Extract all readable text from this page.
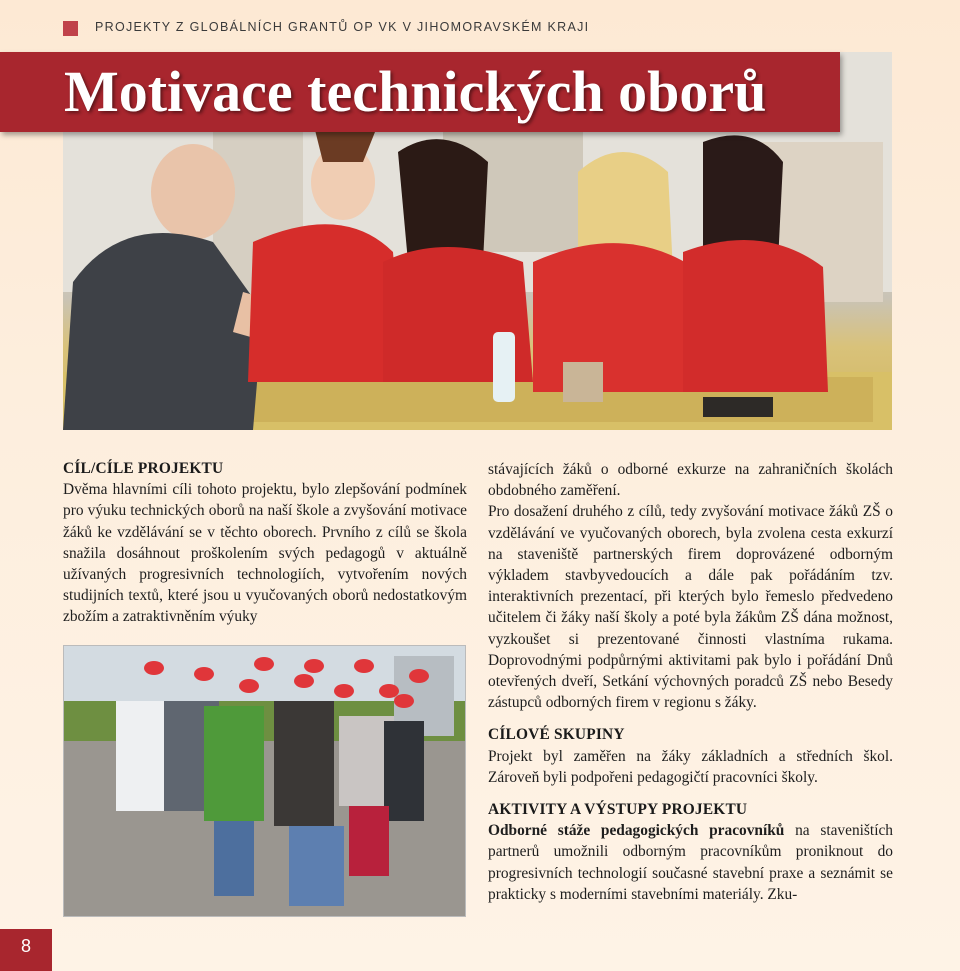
PROJEKTY Z GLOBÁLNÍCH GRANTŮ OP VK V JIHOMORAVSKÉM KRAJI
Motivace technických oborů
CÍL/CÍLE PROJEKTU

Dvěma hlavními cíli tohoto projektu, bylo zlepšování podmínek pro výuku technických oborů na naší škole a zvyšování motivace žáků ke vzdělávání se v těchto oborech. Prvního z cílů se škola snažila dosáhnout proškolením svých pedagogů v aktuálně užívaných progresivních technologiích, vytvořením nových studijních textů, které jsou u vyučovaných oborů nedostatkovým zbožím a zatraktivněním výuky

stávajících žáků o odborné exkurze na zahraničních školách obdobného zaměření.

Pro dosažení druhého z cílů, tedy zvyšování motivace žáků ZŠ o vzdělávání ve vyučovaných oborech, byla zvolena cesta exkurzí na staveniště partnerských firem doprovázené odborným výkladem stavbyvedoucích a dále pak pořádáním tzv. interaktivních prezentací, při kterých bylo řemeslo předvedeno učitelem či žáky naší školy a poté byla žákům ZŠ dána možnost, vyzkoušet si prezentované činnosti vlastníma rukama. Doprovodnými podpůrnými aktivitami pak bylo i pořádání Dnů otevřených dveří, Setkání výchovných poradců ZŠ nebo Besedy zástupců odborných firem v regionu s žáky.

CÍLOVÉ SKUPINY

Projekt byl zaměřen na žáky základních a středních škol. Zároveň byli podpořeni pedagogičtí pracovníci školy.

AKTIVITY A VÝSTUPY PROJEKTU

Odborné stáže pedagogických pracovníků na staveništích partnerů umožnili odborným pracovníkům proniknout do progresivních technologií současné stavební praxe a seznámit se prakticky s moderními stavebními materiály. Zku-

8
